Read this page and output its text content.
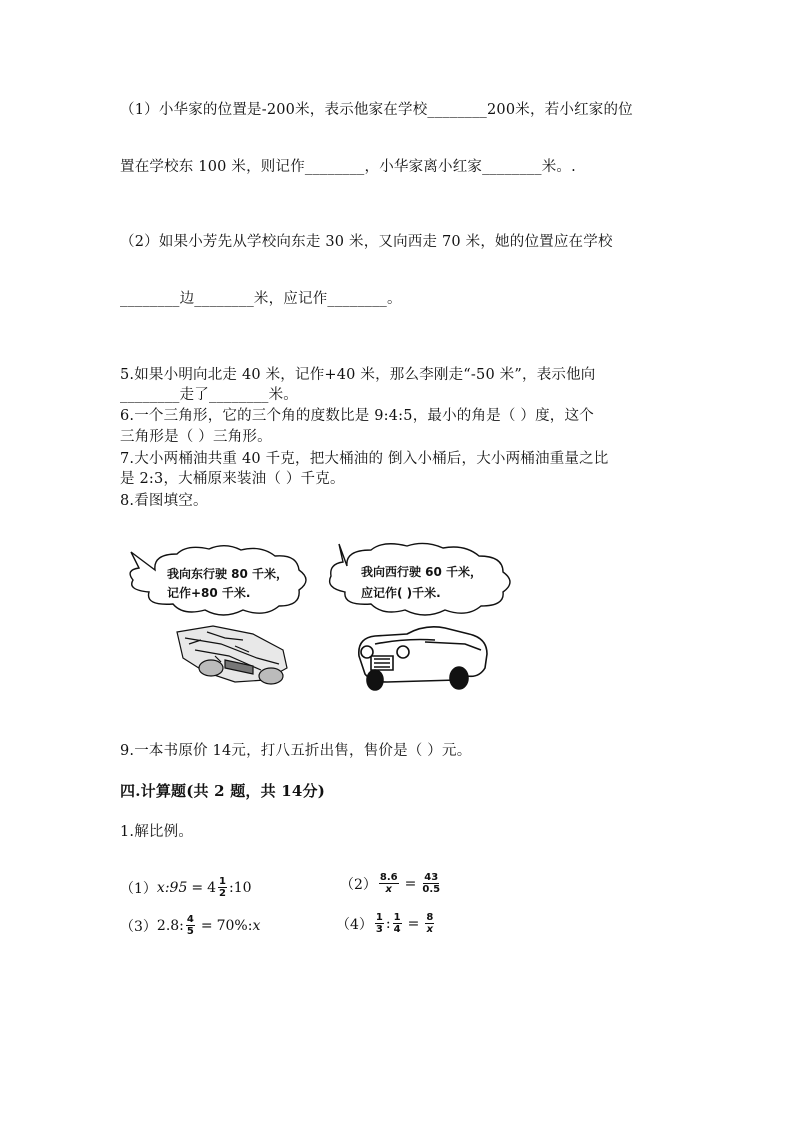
（1）小华家的位置是-200米，表示他家在学校________200米，若小红家的位
置在学校东 100 米，则记作________，小华家离小红家________米。.
（2）如果小芳先从学校向东走 30 米，又向西走 70 米，她的位置应在学校
________边________米，应记作________。
5.如果小明向北走 40 米，记作+40 米，那么李刚走“-50 米”，表示他向
________走了________米。
6.一个三角形，它的三个角的度数比是 9:4:5，最小的角是（ ）度，这个
三角形是（ ）三角形。
7.大小两桶油共重 40 千克，把大桶油的 倒入小桶后，大小两桶油重量之比
是 2:3，大桶原来装油（ ）千克。
8.看图填空。
我向东行驶 80 千米，
记作+80 千米.
我向西行驶 60 千米，
应记作( )千米.
9.一本书原价 14元，打八五折出售，售价是（ ）元。
四.计算题(共 2 题，共 14分)
1.解比例。
（1） x:95 = $4 \frac{1}{2}$ :10	$(2) \frac{8.6}{x} = \frac{43}{0.5}$
（3） 2.8: $\frac{4}{5} = 70\%$: x	$(4) \frac{1}{3}$ : $\frac{1}{4} = \frac{8}{x}$
